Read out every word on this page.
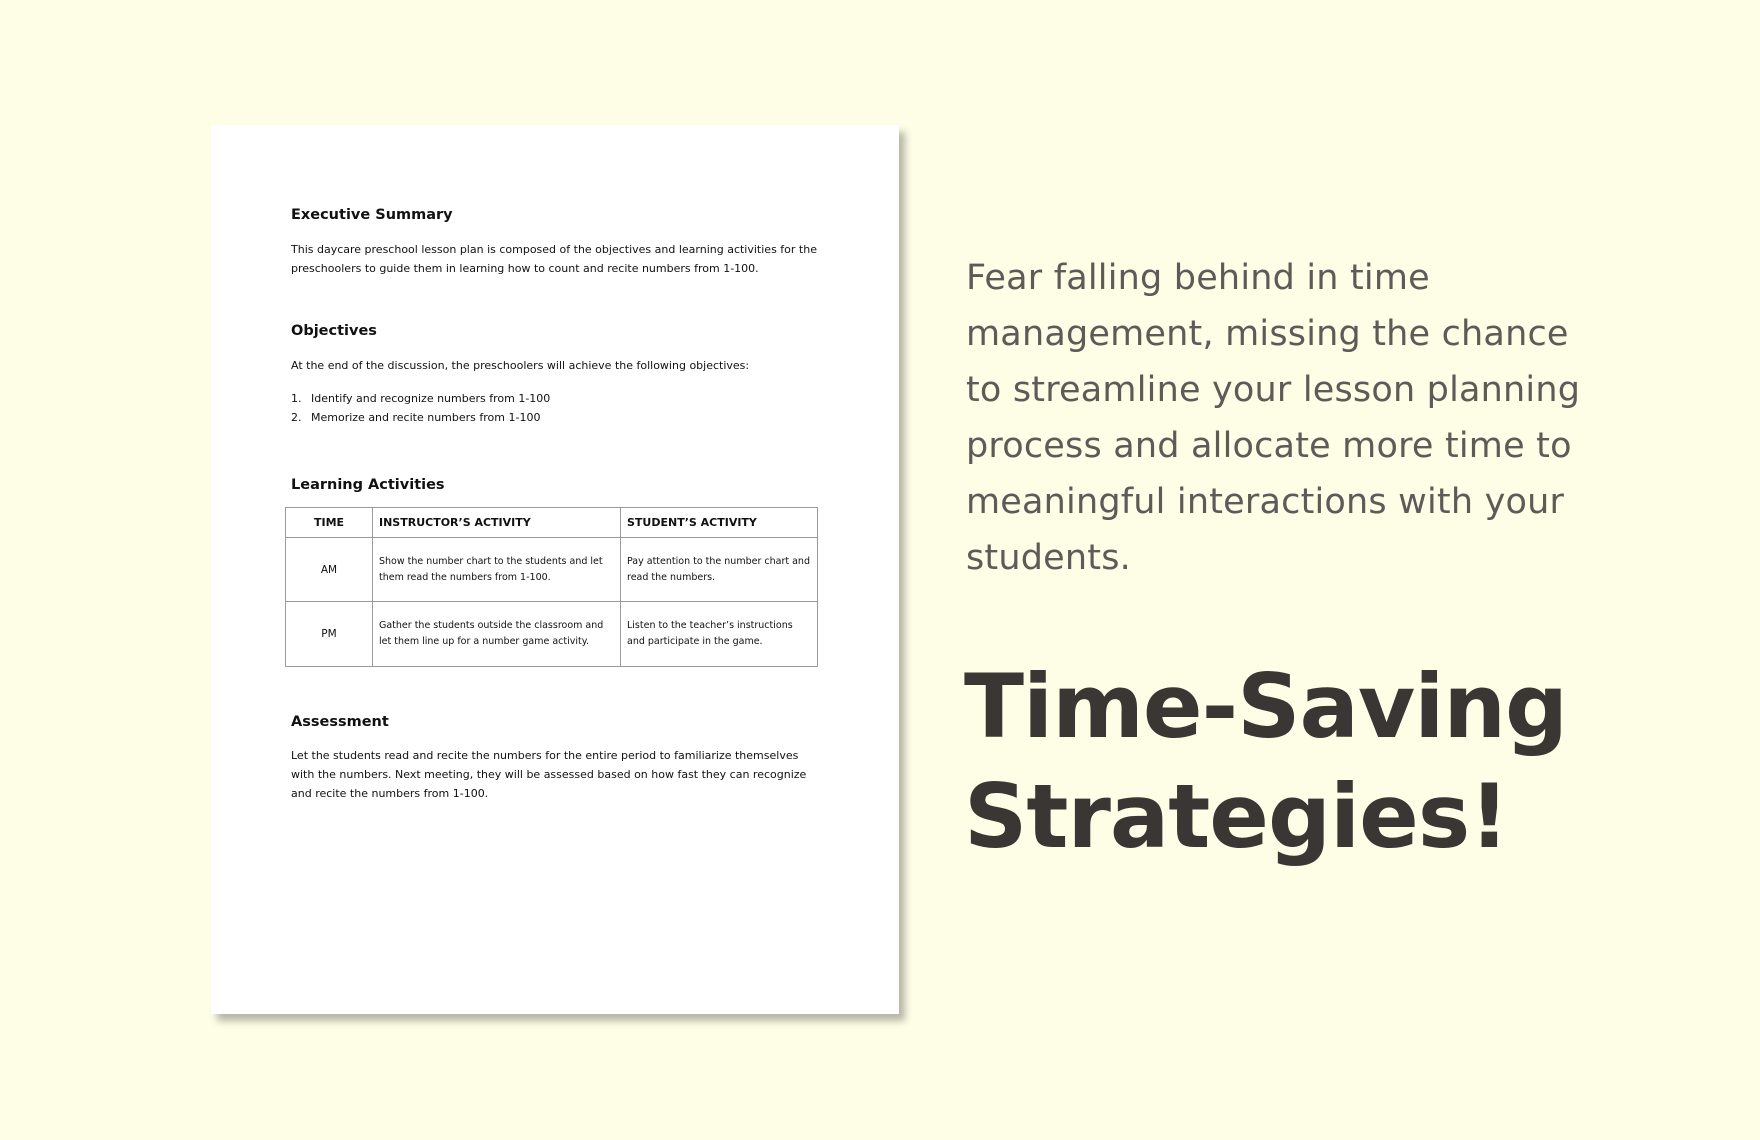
Executive Summary

This daycare preschool lesson plan is composed of the objectives and learning activities for the preschoolers to guide them in learning how to count and recite numbers from 1-100.

Objectives

At the end of the discussion, the preschoolers will achieve the following objectives:

1. Identify and recognize numbers from 1-100
2. Memorize and recite numbers from 1-100
Learning Activities
TIME	INSTRUCTOR’S ACTIVITY	STUDENT’S ACTIVITY
AM	Show the number chart to the students and let them read the numbers from 1-100.	Pay attention to the number chart and read the numbers.
PM	Gather the students outside the classroom and let them line up for a number game activity.	Listen to the teacher’s instructions and participate in the game.
Assessment

Let the students read and recite the numbers for the entire period to familiarize themselves with the numbers. Next meeting, they will be assessed based on how fast they can recognize and recite the numbers from 1-100.

Fear falling behind in time management, missing the chance to streamline your lesson planning process and allocate more time to meaningful interactions with your students.

Time-Saving Strategies!
